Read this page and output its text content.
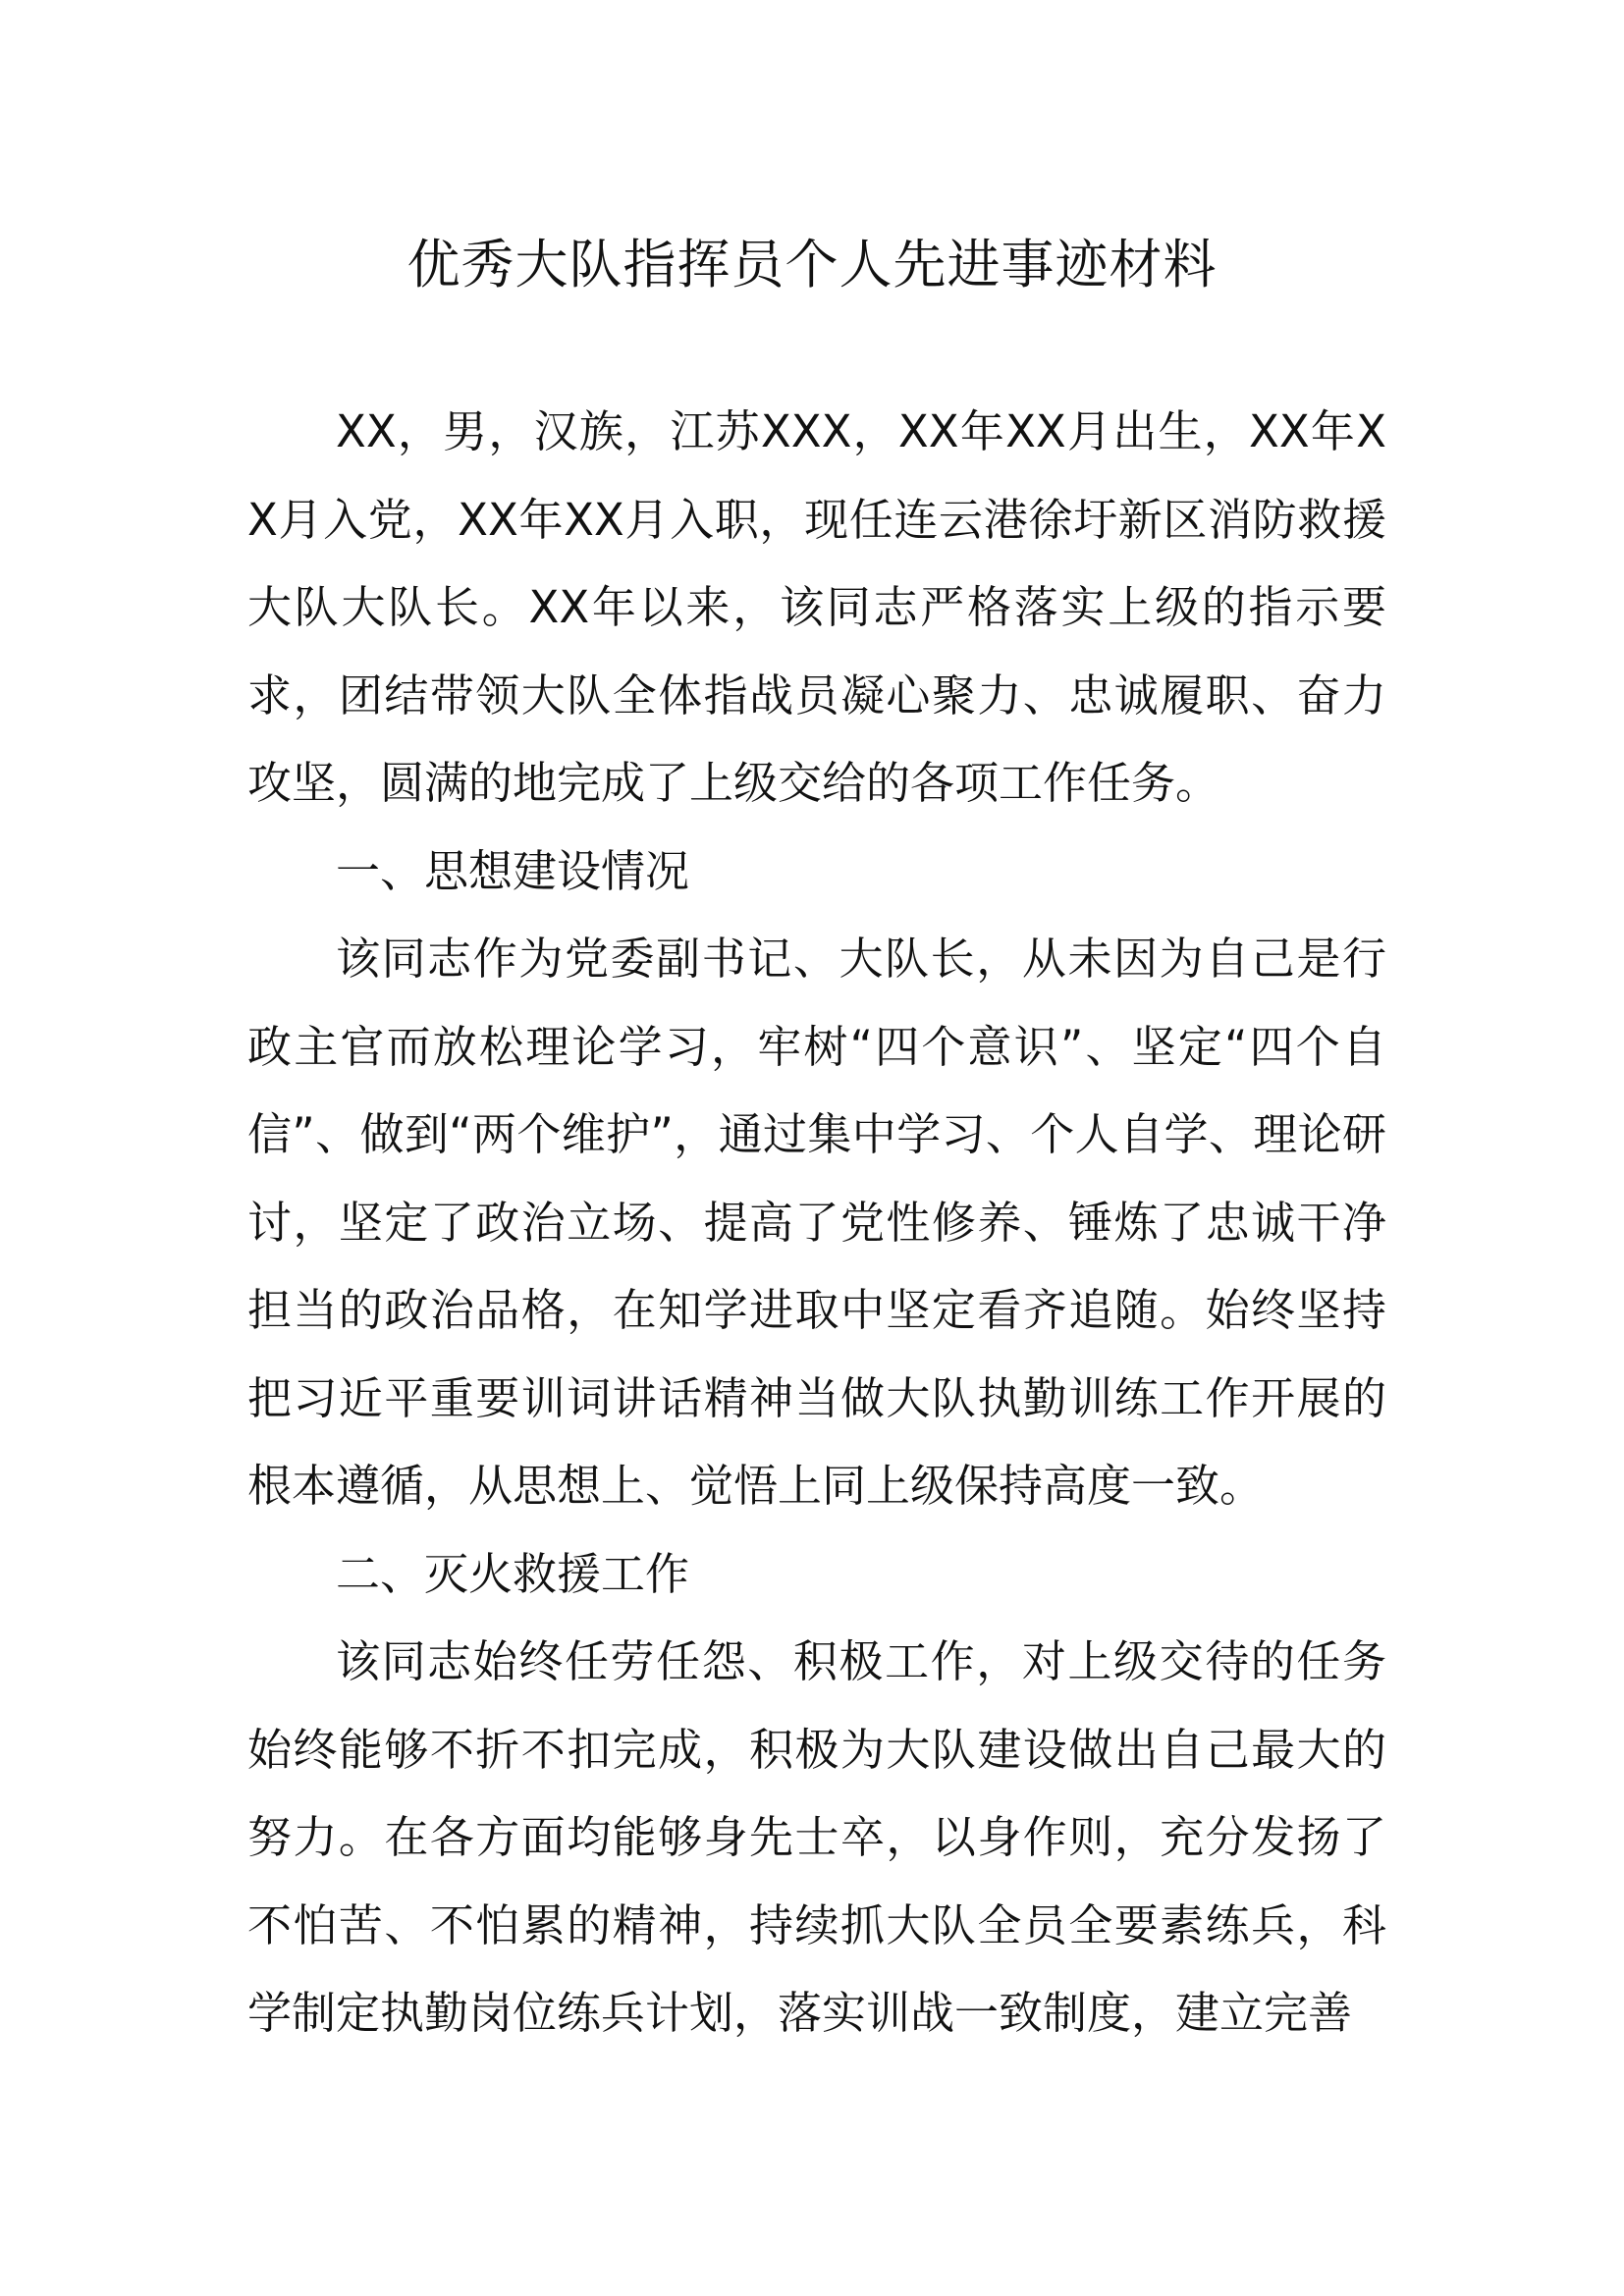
优秀大队指挥员个人先进事迹材料

XX，男，汉族，江苏XXX，XX年XX月出生，XX年XX月入党，XX年XX月入职，现任连云港徐圩新区消防救援大队大队长。XX年以来，该同志严格落实上级的指示要求，团结带领大队全体指战员凝心聚力、忠诚履职、奋力攻坚，圆满的地完成了上级交给的各项工作任务。

一、思想建设情况

该同志作为党委副书记、大队长，从未因为自己是行政主官而放松理论学习，牢树“四个意识”、坚定“四个自信”、做到“两个维护”，通过集中学习、个人自学、理论研讨，坚定了政治立场、提高了党性修养、锤炼了忠诚干净担当的政治品格，在知学进取中坚定看齐追随。始终坚持把习近平重要训词讲话精神当做大队执勤训练工作开展的根本遵循，从思想上、觉悟上同上级保持高度一致。

二、灭火救援工作

该同志始终任劳任怨、积极工作，对上级交待的任务始终能够不折不扣完成，积极为大队建设做出自己最大的努力。在各方面均能够身先士卒，以身作则，充分发扬了不怕苦、不怕累的精神，持续抓大队全员全要素练兵，科学制定执勤岗位练兵计划，落实训战一致制度，建立完善
